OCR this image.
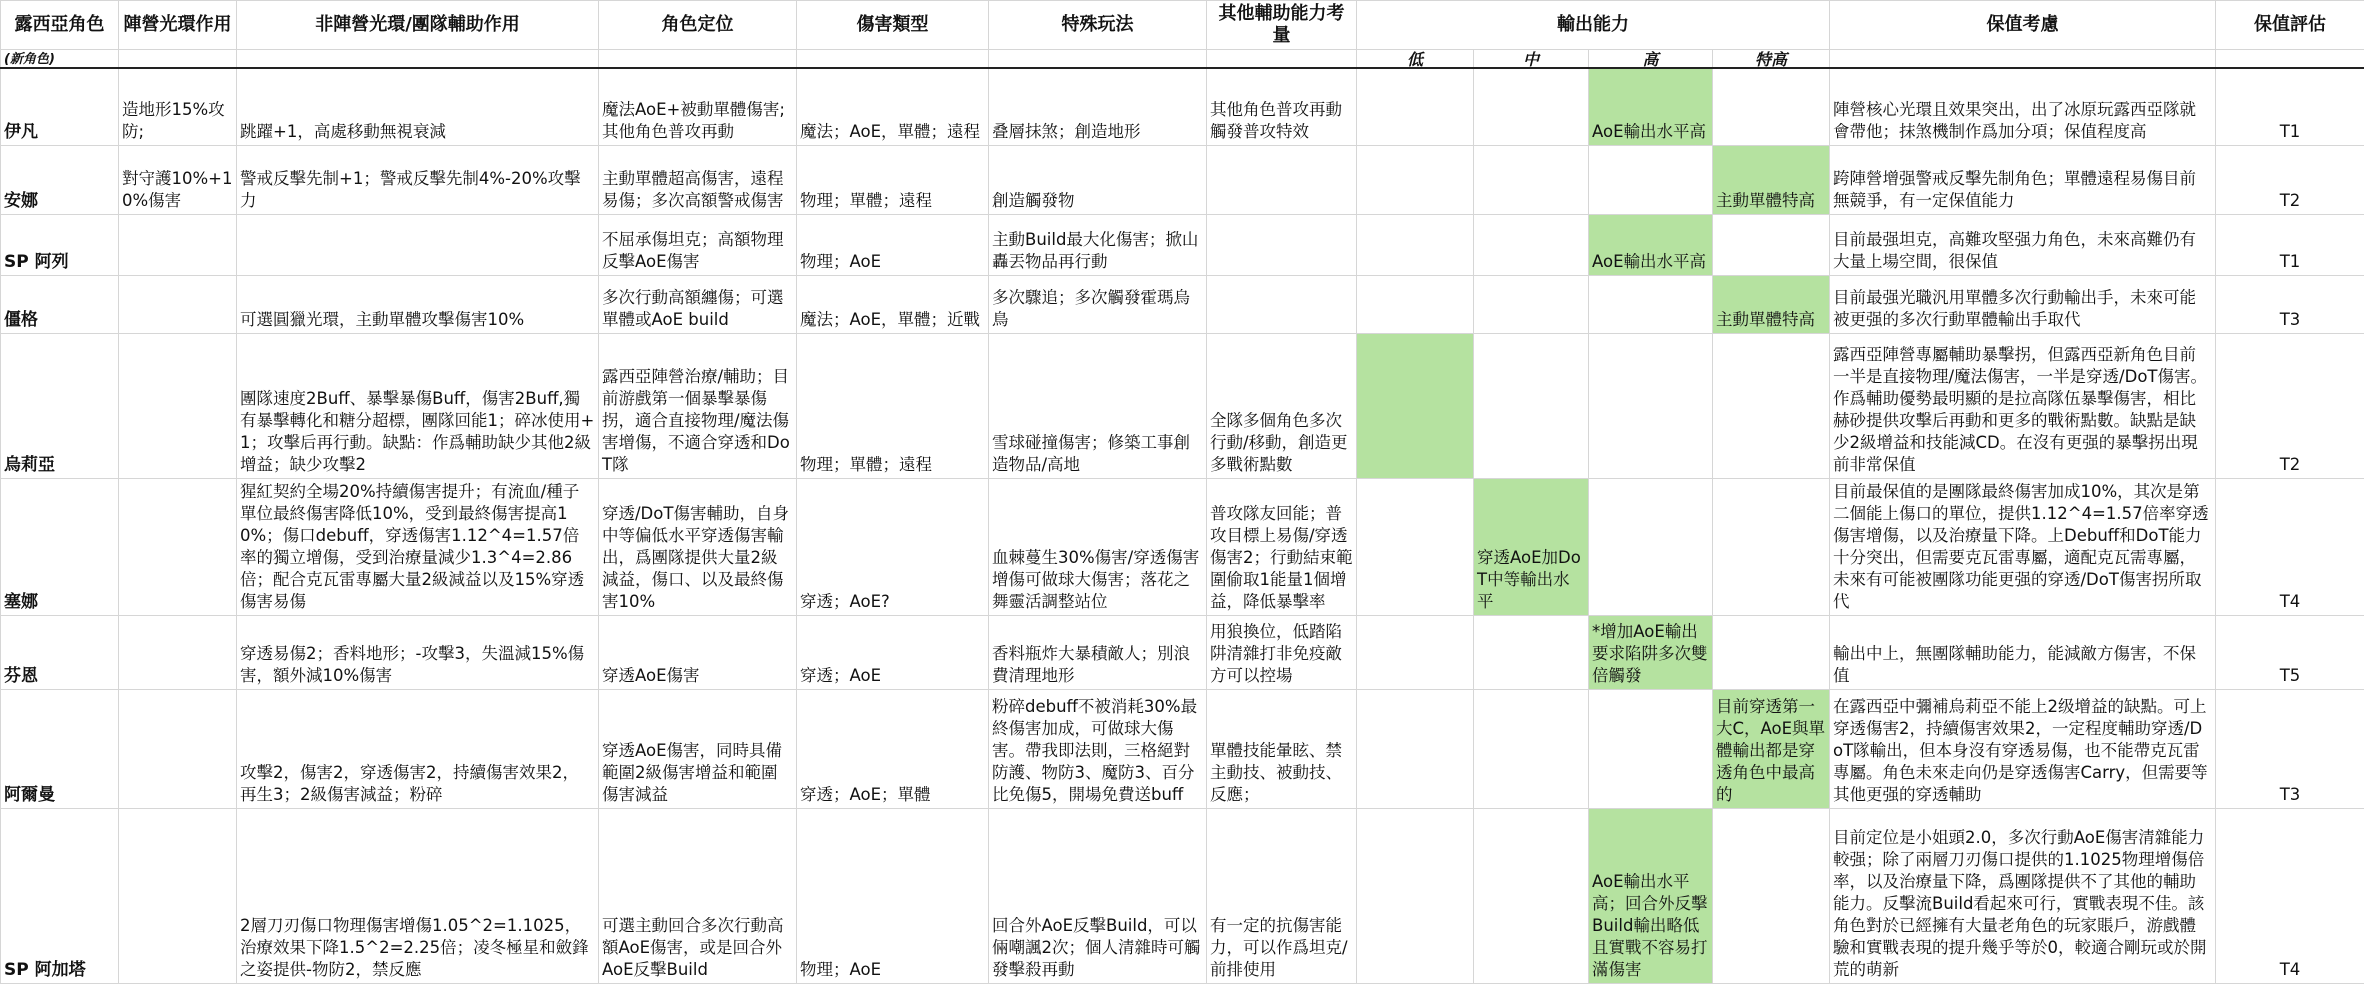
露西亞角色	陣營光環作用	非陣營光環/團隊輔助作用	角色定位	傷害類型	特殊玩法	其他輔助能力考量	輸出能力				保值考慮	保值評估
(新角色)							低	中	高	特高		
伊凡	造地形15%攻防;	跳躍+1，高處移動無視衰減	魔法AoE+被動單體傷害;其他角色普攻再動	魔法；AoE，單體；遠程	叠層抹煞；創造地形	其他角色普攻再動觸發普攻特效			AoE輸出水平高		陣營核心光環且效果突出，出了冰原玩露西亞隊就會帶他；抹煞機制作爲加分項；保值程度高	T1
安娜	對守護10%+10%傷害	警戒反擊先制+1；警戒反擊先制4%-20%攻擊力	主動單體超高傷害，遠程易傷；多次高額警戒傷害	物理；單體；遠程	創造觸發物					主動單體特高	跨陣營增强警戒反擊先制角色；單體遠程易傷目前無競爭，有一定保值能力	T2
SP 阿列			不屈承傷坦克；高額物理反擊AoE傷害	物理；AoE	主動Build最大化傷害；掀山轟丟物品再行動				AoE輸出水平高		目前最强坦克，高難攻堅强力角色，未來高難仍有大量上場空間，很保值	T1
僵格		可選圓獵光環，主動單體攻擊傷害10%	多次行動高額纏傷；可選單體或AoE build	魔法；AoE，單體；近戰	多次驟追；多次觸發霍瑪烏鳥					主動單體特高	目前最强光職汎用單體多次行動輸出手，未來可能被更强的多次行動單體輸出手取代	T3
烏莉亞		團隊速度2Buff、暴擊暴傷Buff，傷害2Buff,獨有暴擊轉化和糖分超標，團隊回能1；碎冰使用+1；攻擊后再行動。缺點：作爲輔助缺少其他2級增益；缺少攻擊2	露西亞陣營治療/輔助；目前游戲第一個暴擊暴傷拐，適合直接物理/魔法傷害增傷，不適合穿透和DoT隊	物理；單體；遠程	雪球碰撞傷害；修築工事創造物品/高地	全隊多個角色多次行動/移動，創造更多戰術點數					露西亞陣營專屬輔助暴擊拐，但露西亞新角色目前一半是直接物理/魔法傷害，一半是穿透/DoT傷害。作爲輔助優勢最明顯的是拉高隊伍暴擊傷害，相比赫砂提供攻擊后再動和更多的戰術點數。缺點是缺少2級增益和技能減CD。在沒有更强的暴擊拐出現前非常保值	T2
塞娜		猩紅契約全場20%持續傷害提升；有流血/種子單位最終傷害降低10%，受到最終傷害提高10%；傷口debuff，穿透傷害1.12^4=1.57倍率的獨立增傷，受到治療量減少1.3^4=2.86倍；配合克瓦雷專屬大量2級減益以及15%穿透傷害易傷	穿透/DoT傷害輔助，自身中等偏低水平穿透傷害輸出，爲團隊提供大量2級減益，傷口、以及最終傷害10%	穿透；AoE?	血棘蔓生30%傷害/穿透傷害增傷可做球大傷害；落花之舞靈活調整站位	普攻隊友回能；普攻目標上易傷/穿透傷害2；行動結束範圍偷取1能量1個增益，降低暴擊率		穿透AoE加DoT中等輸出水平			目前最保值的是團隊最終傷害加成10%，其次是第二個能上傷口的單位，提供1.12^4=1.57倍率穿透傷害增傷，以及治療量下降。上Debuff和DoT能力十分突出，但需要克瓦雷專屬，適配克瓦需專屬，未來有可能被團隊功能更强的穿透/DoT傷害拐所取代	T4
芬恩		穿透易傷2；香料地形；-攻擊3，失溫減15%傷害，額外減10%傷害	穿透AoE傷害	穿透；AoE	香料瓶炸大暴積敵人；別浪費清理地形	用狼換位，低踏陷阱清雜打非免疫敵方可以控場			*增加AoE輸出要求陷阱多次雙倍觸發		輸出中上，無團隊輔助能力，能減敵方傷害，不保值	T5
阿爾曼		攻擊2，傷害2，穿透傷害2，持續傷害效果2，再生3；2級傷害減益；粉碎	穿透AoE傷害，同時具備範圍2級傷害增益和範圍傷害減益	穿透；AoE；單體	粉碎debuff不被消耗30%最終傷害加成，可做球大傷害。帶我即法則，三格絕對防護、物防3、魔防3、百分比免傷5，開場免費送buff	單體技能暈眩、禁主動技、被動技、反應；				目前穿透第一大C，AoE與單體輸出都是穿透角色中最高的	在露西亞中彌補烏莉亞不能上2级增益的缺點。可上穿透傷害2，持續傷害效果2，一定程度輔助穿透/DoT隊輸出，但本身沒有穿透易傷，也不能帶克瓦雷專屬。角色未來走向仍是穿透傷害Carry，但需要等其他更强的穿透輔助	T3
SP 阿加塔		2層刀刃傷口物理傷害增傷1.05^2=1.1025，治療效果下降1.5^2=2.25倍；凌冬極星和斂鋒之姿提供-物防2，禁反應	可選主動回合多次行動高額AoE傷害，或是回合外AoE反擊Build	物理；AoE	回合外AoE反擊Build，可以倆嘲諷2次；個人清雜時可觸發擊殺再動	有一定的抗傷害能力，可以作爲坦克/前排使用			AoE輸出水平高；回合外反擊Build輸出略低且實戰不容易打滿傷害		目前定位是小姐頭2.0，多次行動AoE傷害清雜能力較强；除了兩層刀刃傷口提供的1.1025物理增傷倍率，以及治療量下降，爲團隊提供不了其他的輔助能力。反擊流Build看起來可行，實戰表現不佳。該角色對於已經擁有大量老角色的玩家賬戶，游戲體驗和實戰表現的提升幾乎等於0，較適合剛玩或於開荒的萌新	T4
